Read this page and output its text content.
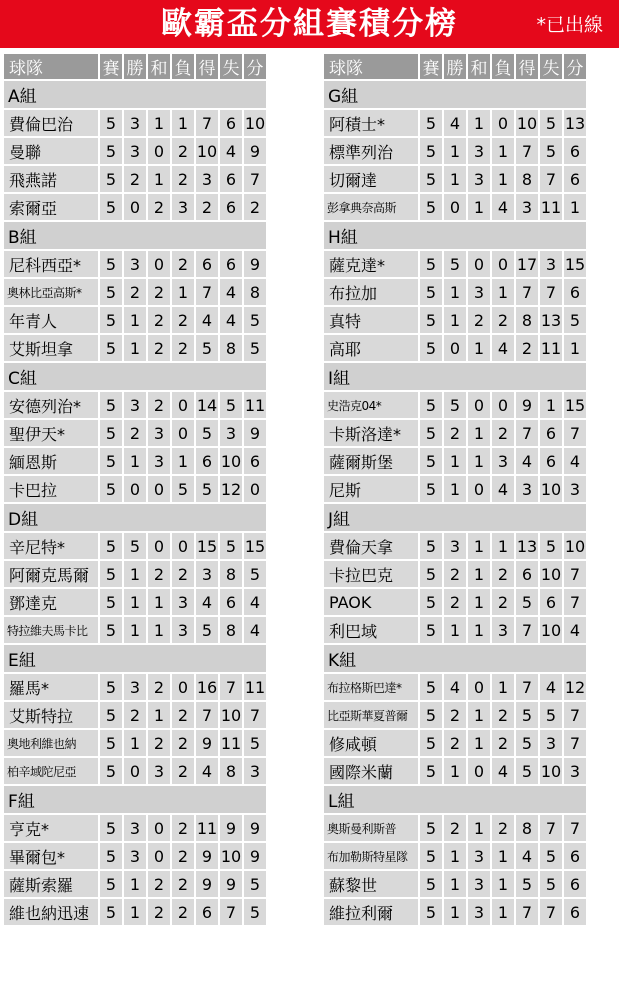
歐霸盃分組賽積分榜	*已出線
球隊	賽	勝	和	負	得	失	分
A組							
費倫巴治	5	3	1	1	7	6	10
曼聯	5	3	0	2	10	4	9
飛燕諾	5	2	1	2	3	6	7
索爾亞	5	0	2	3	2	6	2
B組							
尼科西亞*	5	3	0	2	6	6	9
奧林比亞高斯*	5	2	2	1	7	4	8
年青人	5	1	2	2	4	4	5
艾斯坦拿	5	1	2	2	5	8	5
C組							
安德列治*	5	3	2	0	14	5	11
聖伊天*	5	2	3	0	5	3	9
緬恩斯	5	1	3	1	6	10	6
卡巴拉	5	0	0	5	5	12	0
D組							
辛尼特*	5	5	0	0	15	5	15
阿爾克馬爾	5	1	2	2	3	8	5
鄧達克	5	1	1	3	4	6	4
特拉維夫馬卡比	5	1	1	3	5	8	4
E組							
羅馬*	5	3	2	0	16	7	11
艾斯特拉	5	2	1	2	7	10	7
奧地利維也納	5	1	2	2	9	11	5
柏辛域陀尼亞	5	0	3	2	4	8	3
F組							
亨克*	5	3	0	2	11	9	9
畢爾包*	5	3	0	2	9	10	9
薩斯索羅	5	1	2	2	9	9	5
維也納迅速	5	1	2	2	6	7	5
球隊	賽	勝	和	負	得	失	分
G組							
阿積士*	5	4	1	0	10	5	13
標準列治	5	1	3	1	7	5	6
切爾達	5	1	3	1	8	7	6
彭拿典奈高斯	5	0	1	4	3	11	1
H組							
薩克達*	5	5	0	0	17	3	15
布拉加	5	1	3	1	7	7	6
真特	5	1	2	2	8	13	5
高耶	5	0	1	4	2	11	1
I組							
史浩克04*	5	5	0	0	9	1	15
卡斯洛達*	5	2	1	2	7	6	7
薩爾斯堡	5	1	1	3	4	6	4
尼斯	5	1	0	4	3	10	3
J組							
費倫天拿	5	3	1	1	13	5	10
卡拉巴克	5	2	1	2	6	10	7
PAOK	5	2	1	2	5	6	7
利巴域	5	1	1	3	7	10	4
K組							
布拉格斯巴達*	5	4	0	1	7	4	12
比亞斯華夏普爾	5	2	1	2	5	5	7
修咸頓	5	2	1	2	5	3	7
國際米蘭	5	1	0	4	5	10	3
L組							
奧斯曼利斯普	5	2	1	2	8	7	7
布加勒斯特星隊	5	1	3	1	4	5	6
蘇黎世	5	1	3	1	5	5	6
維拉利爾	5	1	3	1	7	7	6
